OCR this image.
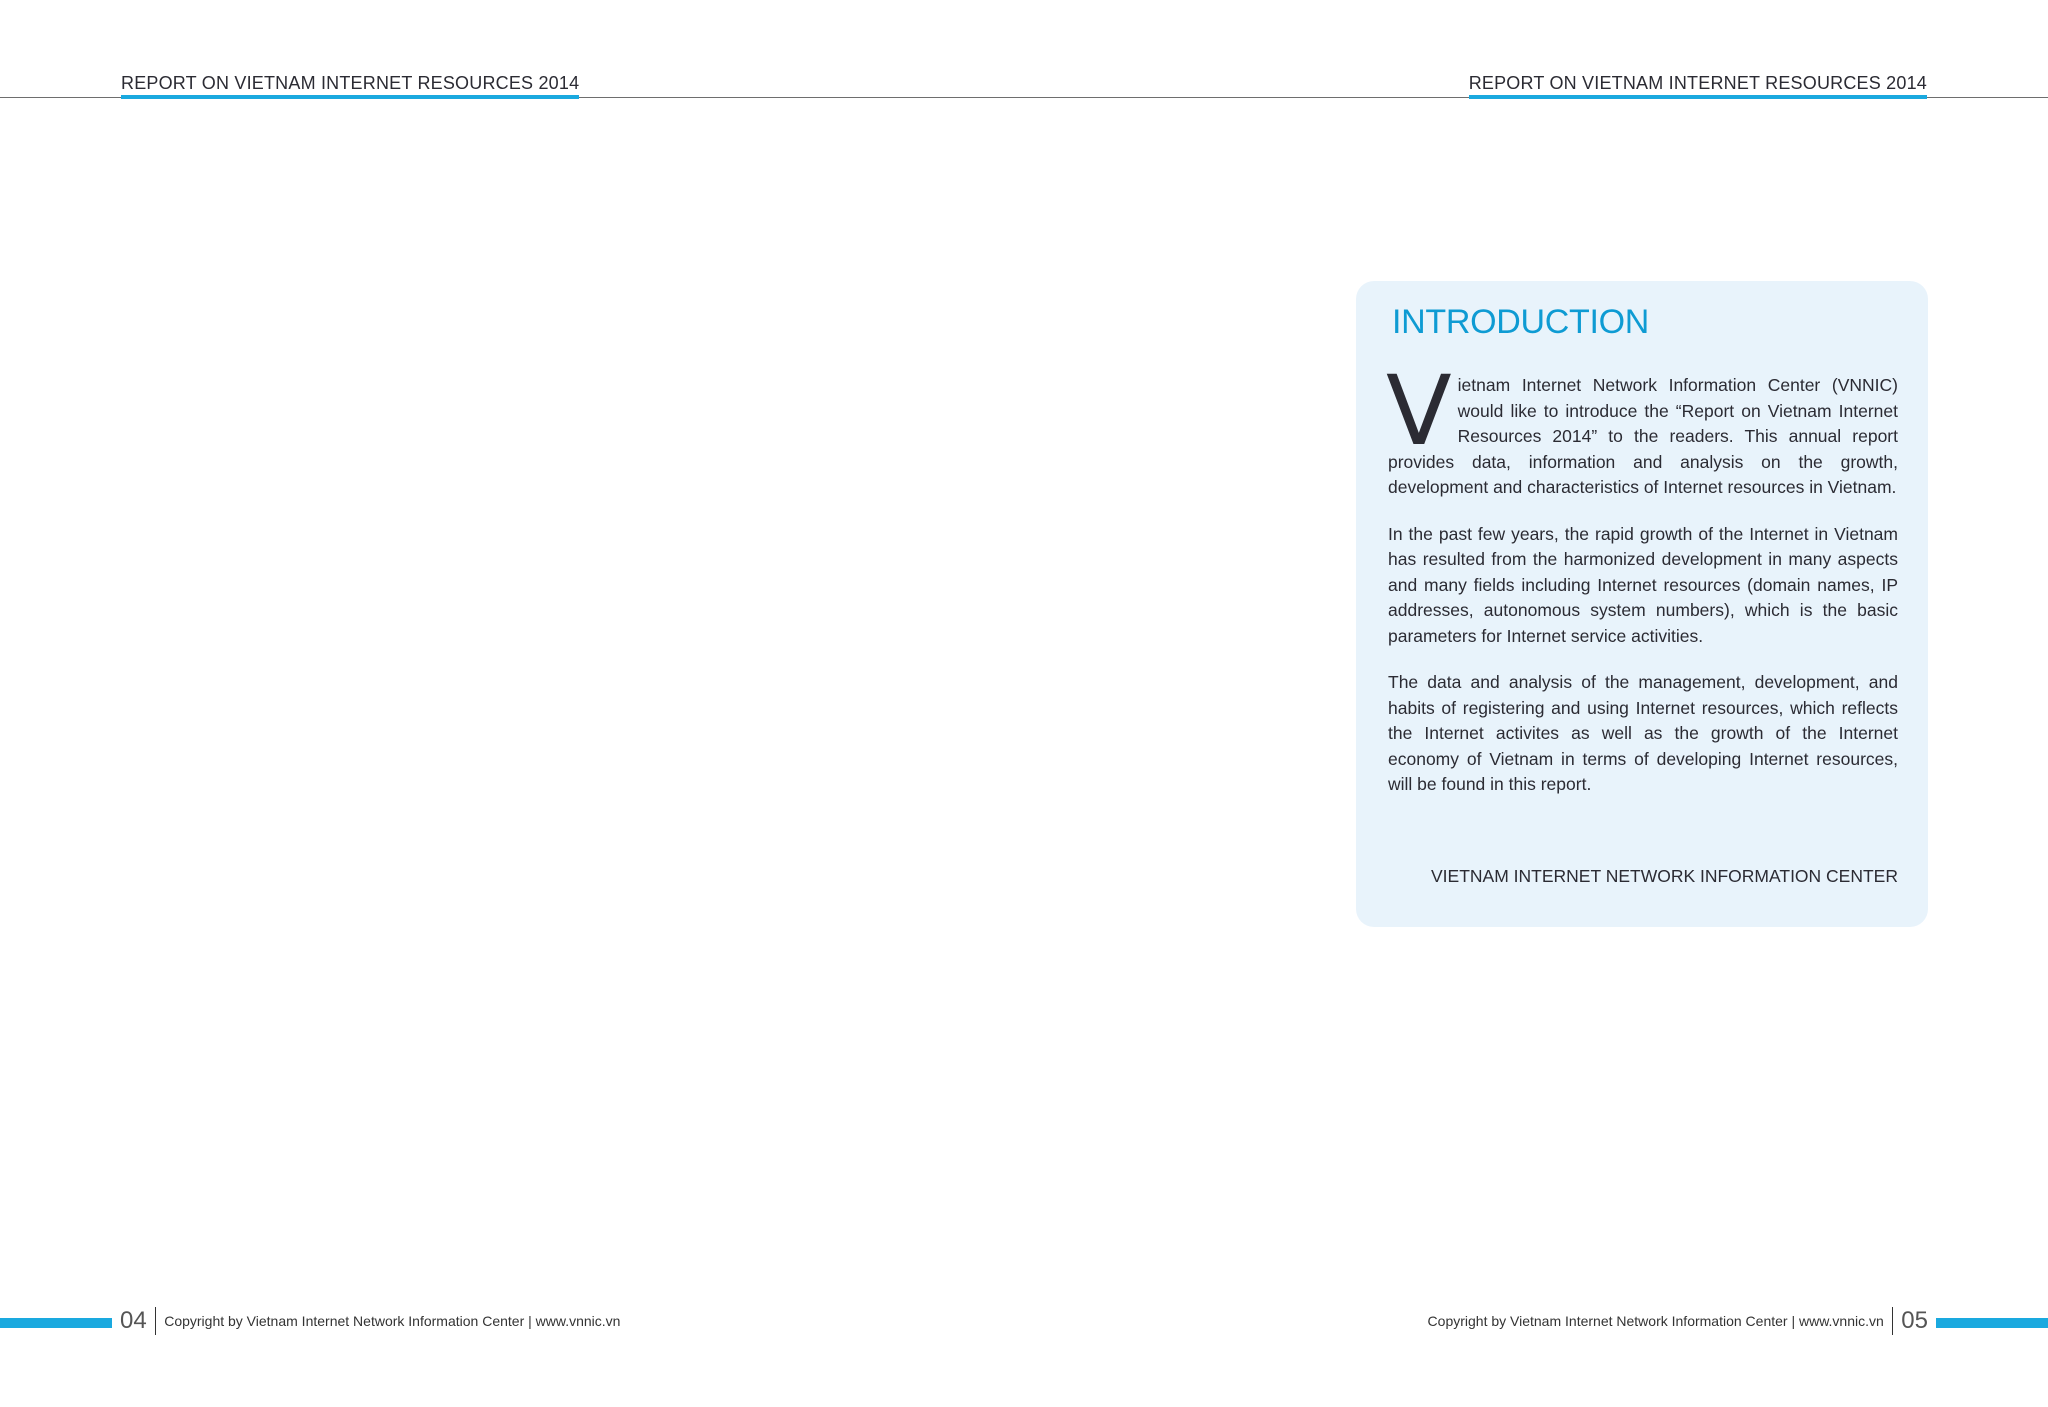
REPORT ON VIETNAM INTERNET RESOURCES 2014	REPORT ON VIETNAM INTERNET RESOURCES 2014
INTRODUCTION

Vietnam Internet Network Information Center (VNNIC) would like to introduce the “Report on Vietnam Internet Resources 2014” to the readers. This annual report provides data, information and analysis on the growth, development and characteristics of Internet resources in Vietnam.

In the past few years, the rapid growth of the Internet in Vietnam has resulted from the harmonized development in many aspects and many fields including Internet resources (domain names, IP addresses, autonomous system numbers), which is the basic parameters for Internet service activities.

The data and analysis of the management, development, and habits of registering and using Internet resources, which reflects the Internet activites as well as the growth of the Internet economy of Vietnam in terms of developing Internet resources, will be found in this report.

VIETNAM INTERNET NETWORK INFORMATION CENTER
04 Copyright by Vietnam Internet Network Information Center | www.vnnic.vn	Copyright by Vietnam Internet Network Information Center | www.vnnic.vn 05
